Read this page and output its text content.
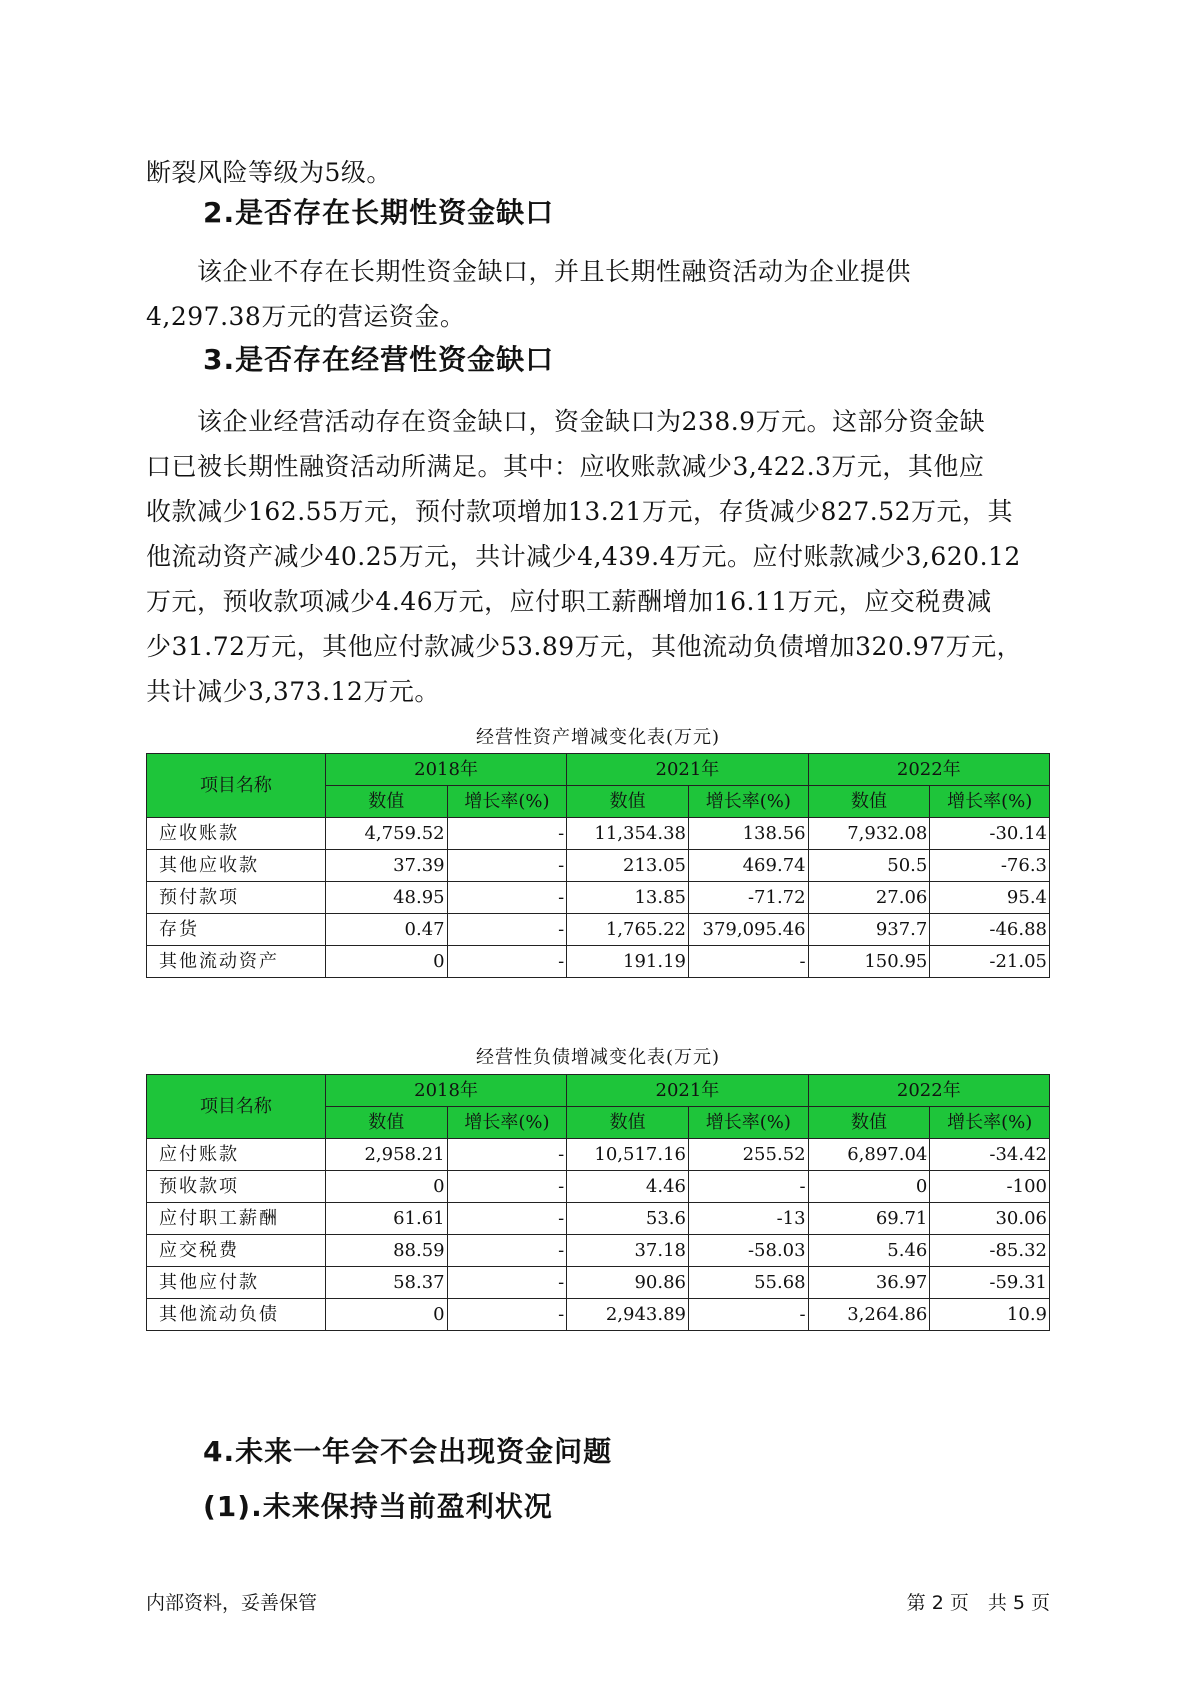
断裂风险等级为5级。

2.是否存在长期性资金缺口

　　该企业不存在长期性资金缺口，并且长期性融资活动为企业提供
4,297.38万元的营运资金。

3.是否存在经营性资金缺口

　　该企业经营活动存在资金缺口，资金缺口为238.9万元。这部分资金缺
口已被长期性融资活动所满足。其中：应收账款减少3,422.3万元，其他应
收款减少162.55万元，预付款项增加13.21万元，存货减少827.52万元，其
他流动资产减少40.25万元，共计减少4,439.4万元。应付账款减少3,620.12
万元，预收款项减少4.46万元，应付职工薪酬增加16.11万元，应交税费减
少31.72万元，其他应付款减少53.89万元，其他流动负债增加320.97万元，
共计减少3,373.12万元。

经营性资产增减变化表(万元)
项目名称	2018年		2021年		2022年	
	数值	增长率(%)	数值	增长率(%)	数值	增长率(%)
应收账款	4,759.52	-	11,354.38	138.56	7,932.08	-30.14
其他应收款	37.39	-	213.05	469.74	50.5	-76.3
预付款项	48.95	-	13.85	-71.72	27.06	95.4
存货	0.47	-	1,765.22	379,095.46	937.7	-46.88
其他流动资产	0	-	191.19	-	150.95	-21.05
经营性负债增减变化表(万元)
项目名称	2018年		2021年		2022年	
	数值	增长率(%)	数值	增长率(%)	数值	增长率(%)
应付账款	2,958.21	-	10,517.16	255.52	6,897.04	-34.42
预收款项	0	-	4.46	-	0	-100
应付职工薪酬	61.61	-	53.6	-13	69.71	30.06
应交税费	88.59	-	37.18	-58.03	5.46	-85.32
其他应付款	58.37	-	90.86	55.68	36.97	-59.31
其他流动负债	0	-	2,943.89	-	3,264.86	10.9
4.未来一年会不会出现资金问题
(1).未来保持当前盈利状况
内部资料，妥善保管	第 2 页　共 5 页
